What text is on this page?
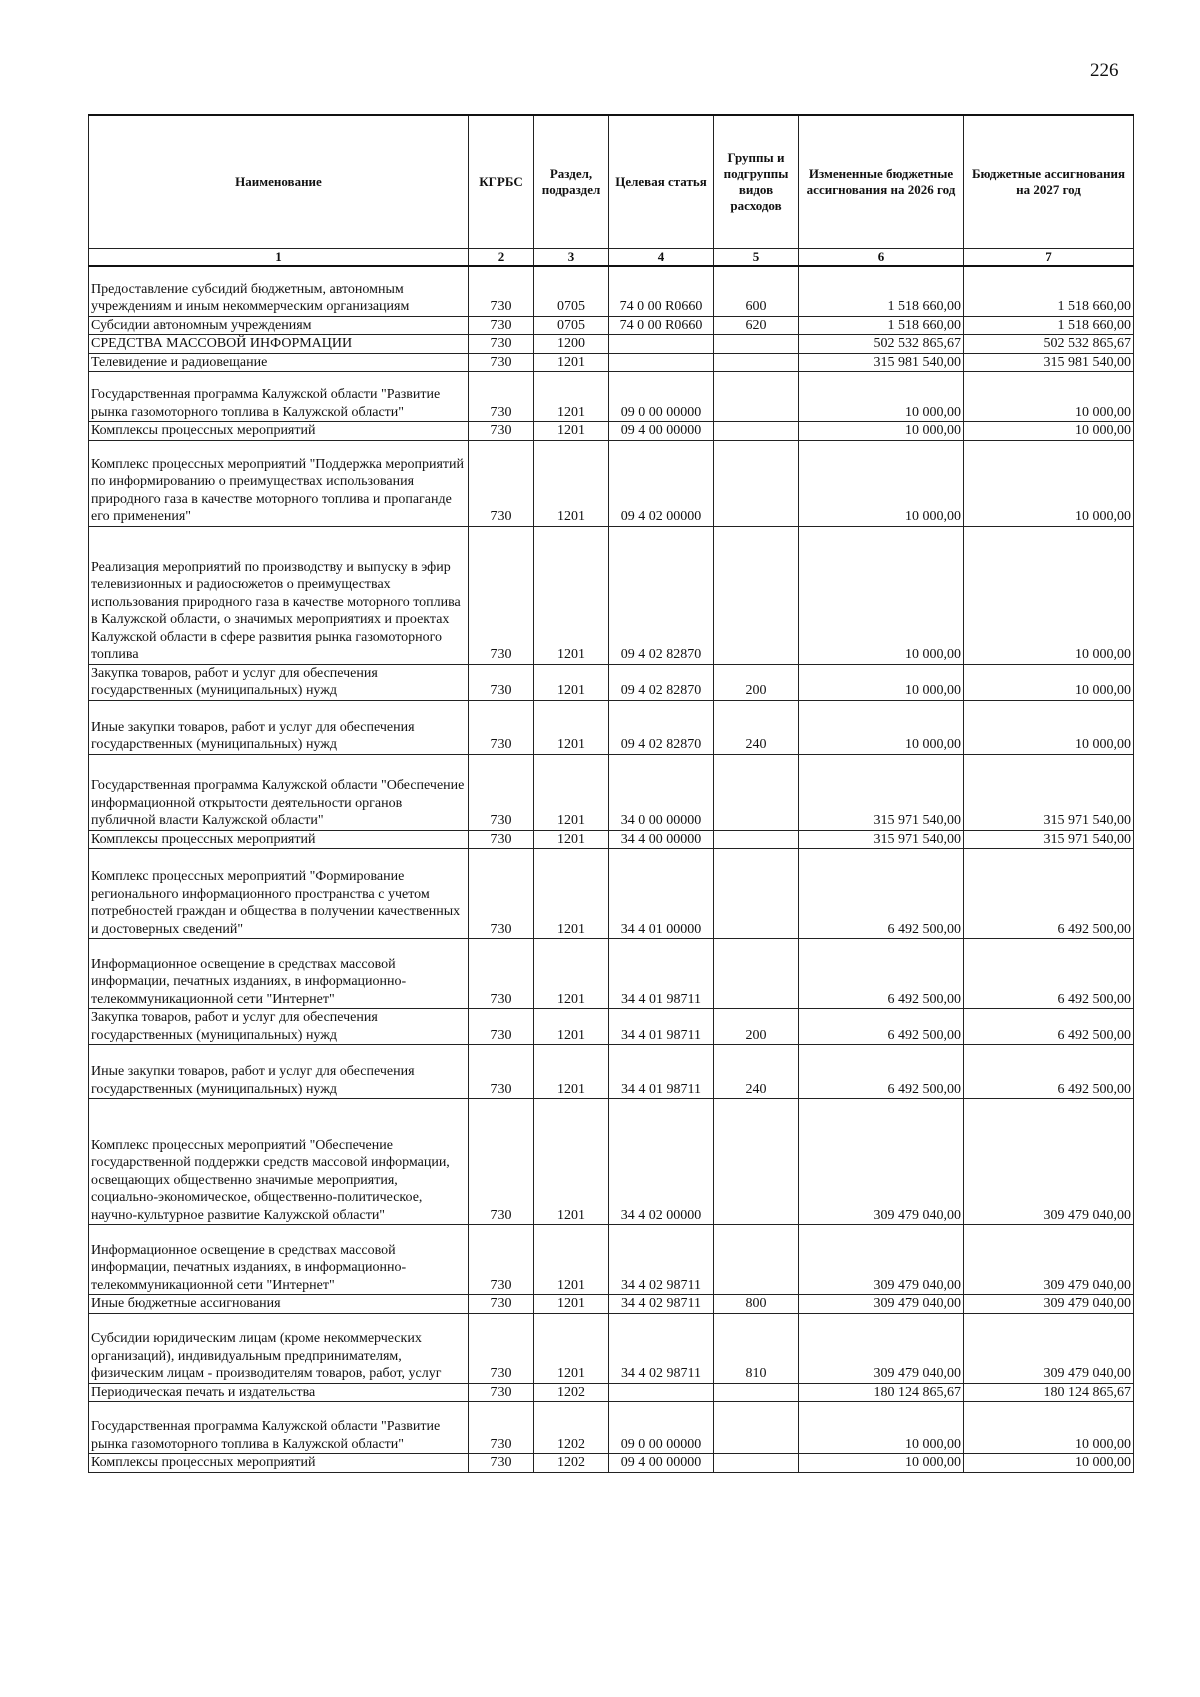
226
Наименование	КГРБС	Раздел, подраздел	Целевая статья	Группы и подгруппы видов расходов	Измененные бюджетные ассигнования на 2026 год	Бюджетные ассигнования на 2027 год
1	2	3	4	5	6	7
Предоставление субсидий бюджетным, автономным учреждениям и иным некоммерческим организациям	730	0705	74 0 00 R0660	600	1 518 660,00	1 518 660,00
Субсидии автономным учреждениям	730	0705	74 0 00 R0660	620	1 518 660,00	1 518 660,00
СРЕДСТВА МАССОВОЙ ИНФОРМАЦИИ	730	1200			502 532 865,67	502 532 865,67
Телевидение и радиовещание	730	1201			315 981 540,00	315 981 540,00
Государственная программа Калужской области "Развитие рынка газомоторного топлива в Калужской области"	730	1201	09 0 00 00000		10 000,00	10 000,00
Комплексы процессных мероприятий	730	1201	09 4 00 00000		10 000,00	10 000,00
Комплекс процессных мероприятий "Поддержка мероприятий по информированию о преимуществах использования природного газа в качестве моторного топлива и пропаганде его применения"	730	1201	09 4 02 00000		10 000,00	10 000,00
Реализация мероприятий по производству и выпуску в эфир телевизионных и радиосюжетов о преимуществах использования природного газа в качестве моторного топлива в Калужской области, о значимых мероприятиях и проектах Калужской области в сфере развития рынка газомоторного топлива	730	1201	09 4 02 82870		10 000,00	10 000,00
Закупка товаров, работ и услуг для обеспечения государственных (муниципальных) нужд	730	1201	09 4 02 82870	200	10 000,00	10 000,00
Иные закупки товаров, работ и услуг для обеспечения государственных (муниципальных) нужд	730	1201	09 4 02 82870	240	10 000,00	10 000,00
Государственная программа Калужской области "Обеспечение информационной открытости деятельности органов публичной власти Калужской области"	730	1201	34 0 00 00000		315 971 540,00	315 971 540,00
Комплексы процессных мероприятий	730	1201	34 4 00 00000		315 971 540,00	315 971 540,00
Комплекс процессных мероприятий "Формирование регионального информационного пространства с учетом потребностей граждан и общества в получении качественных и достоверных сведений"	730	1201	34 4 01 00000		6 492 500,00	6 492 500,00
Информационное освещение в средствах массовой информации, печатных изданиях, в информационно-телекоммуникационной сети "Интернет"	730	1201	34 4 01 98711		6 492 500,00	6 492 500,00
Закупка товаров, работ и услуг для обеспечения государственных (муниципальных) нужд	730	1201	34 4 01 98711	200	6 492 500,00	6 492 500,00
Иные закупки товаров, работ и услуг для обеспечения государственных (муниципальных) нужд	730	1201	34 4 01 98711	240	6 492 500,00	6 492 500,00
Комплекс процессных мероприятий "Обеспечение государственной поддержки средств массовой информации, освещающих общественно значимые мероприятия, социально-экономическое, общественно-политическое, научно-культурное развитие Калужской области"	730	1201	34 4 02 00000		309 479 040,00	309 479 040,00
Информационное освещение в средствах массовой информации, печатных изданиях, в информационно-телекоммуникационной сети "Интернет"	730	1201	34 4 02 98711		309 479 040,00	309 479 040,00
Иные бюджетные ассигнования	730	1201	34 4 02 98711	800	309 479 040,00	309 479 040,00
Субсидии юридическим лицам (кроме некоммерческих организаций), индивидуальным предпринимателям, физическим лицам - производителям товаров, работ, услуг	730	1201	34 4 02 98711	810	309 479 040,00	309 479 040,00
Периодическая печать и издательства	730	1202			180 124 865,67	180 124 865,67
Государственная программа Калужской области "Развитие рынка газомоторного топлива в Калужской области"	730	1202	09 0 00 00000		10 000,00	10 000,00
Комплексы процессных мероприятий	730	1202	09 4 00 00000		10 000,00	10 000,00
